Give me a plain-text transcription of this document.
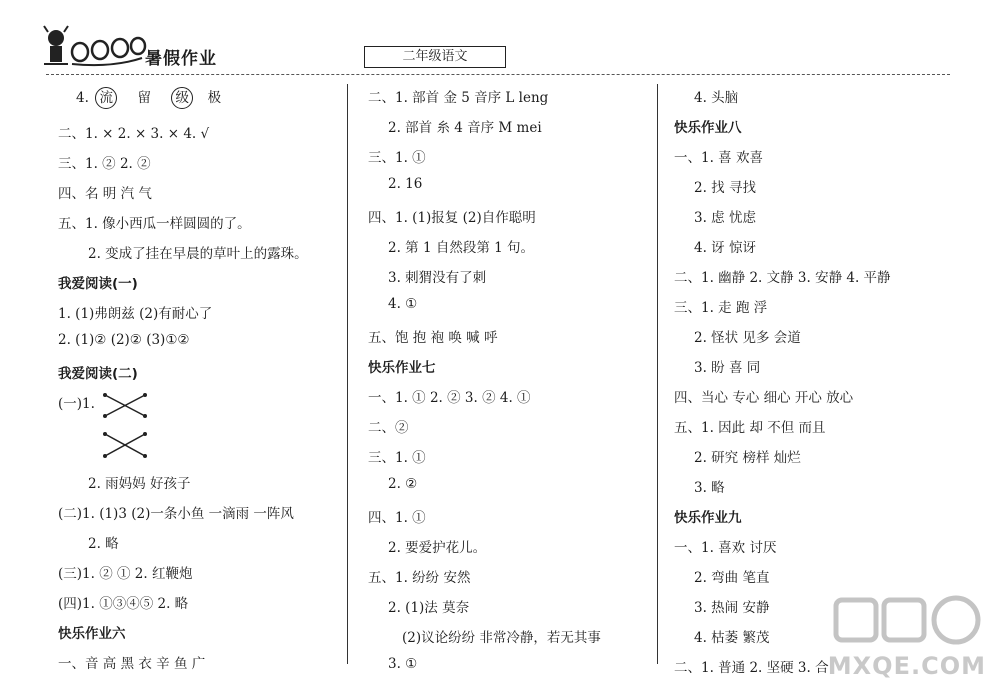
暑假作业	二年级语文
4. 流 留 级 极
二、1. × 2. × 3. × 4. √
三、1. ② 2. ②
四、名 明 汽 气
五、1. 像小西瓜一样圆圆的了。
2. 变成了挂在早晨的草叶上的露珠。
我爱阅读(一)
1. (1)弗朗兹 (2)有耐心了
2. (1)② (2)② (3)①②
我爱阅读(二)
(一)1.
2. 雨妈妈 好孩子
(二)1. (1)3 (2)一条小鱼 一滴雨 一阵风
2. 略
(三)1. ② ① 2. 红鞭炮
(四)1. ①③④⑤ 2. 略
快乐作业六
一、音 高 黑 衣 辛 鱼 广
二、1. 部首 金 5 音序 L leng
2. 部首 糸 4 音序 M mei
三、1. ①
2. 16
四、1. (1)报复 (2)自作聪明
2. 第 1 自然段第 1 句。
3. 刺猬没有了刺
4. ①
五、饱 抱 袍 唤 喊 呼
快乐作业七
一、1. ① 2. ② 3. ② 4. ①
二、②
三、1. ①
2. ②
四、1. ①
2. 要爱护花儿。
五、1. 纷纷 安然
2. (1)法 莫奈
(2)议论纷纷 非常冷静，若无其事
3. ①
4. 头脑
快乐作业八
一、1. 喜 欢喜
2. 找 寻找
3. 虑 忧虑
4. 讶 惊讶
二、1. 幽静 2. 文静 3. 安静 4. 平静
三、1. 走 跑 浮
2. 怪状 见多 会道
3. 盼 喜 同
四、当心 专心 细心 开心 放心
五、1. 因此 却 不但 而且
2. 研究 榜样 灿烂
3. 略
快乐作业九
一、1. 喜欢 讨厌
2. 弯曲 笔直
3. 热闹 安静
4. 枯萎 繁茂
二、1. 普通 2. 坚硬 3. 合 MXQE.COM
